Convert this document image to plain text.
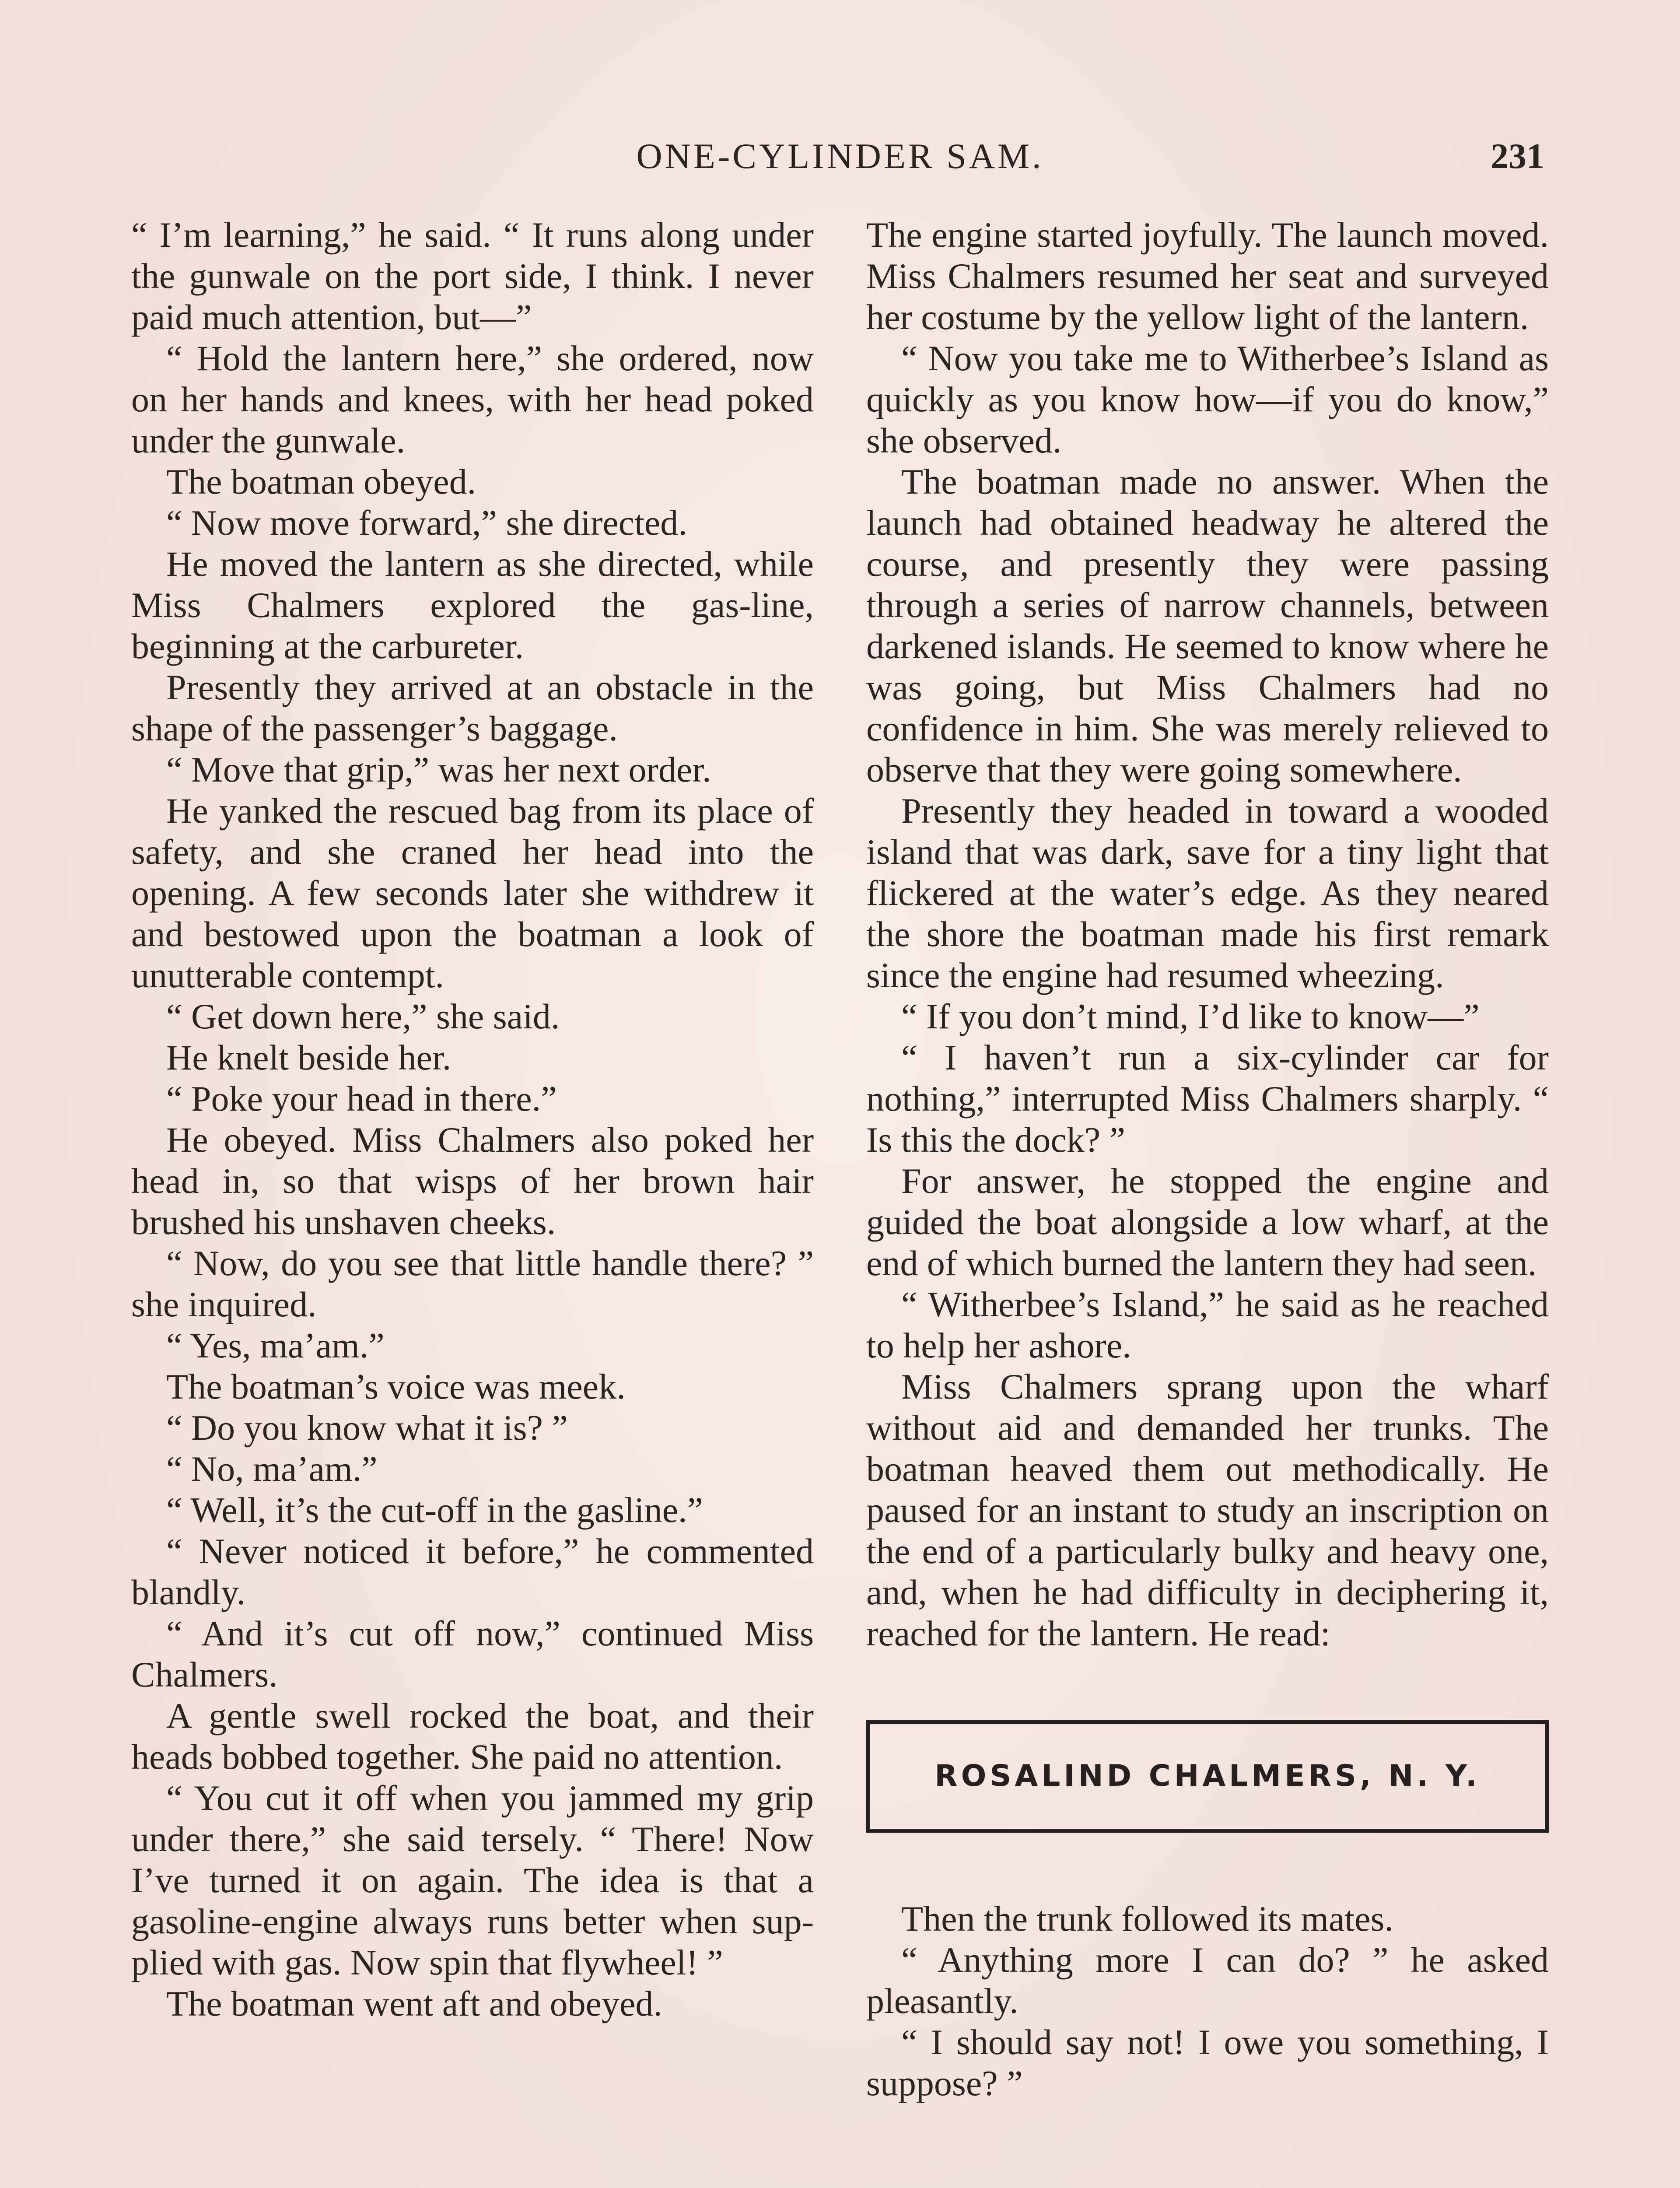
ONE-CYLINDER SAM.	231

“ I’m learning,” he said. “ It runs along under the gunwale on the port side, I think. I never paid much attention, but—”

“ Hold the lantern here,” she ordered, now on her hands and knees, with her head poked under the gunwale.

The boatman obeyed.

“ Now move forward,” she directed.

He moved the lantern as she directed, while Miss Chalmers explored the gas-line, beginning at the carbureter.

Presently they arrived at an obstacle in the shape of the passenger’s baggage.

“ Move that grip,” was her next order.

He yanked the rescued bag from its place of safety, and she craned her head into the opening. A few seconds later she withdrew it and bestowed upon the boatman a look of unutterable contempt.

“ Get down here,” she said.

He knelt beside her.

“ Poke your head in there.”

He obeyed. Miss Chalmers also poked her head in, so that wisps of her brown hair brushed his unshaven cheeks.

“ Now, do you see that little handle there? ” she inquired.

“ Yes, ma’am.”

The boatman’s voice was meek.

“ Do you know what it is? ”

“ No, ma’am.”

“ Well, it’s the cut-off in the gasline.”

“ Never noticed it before,” he commented blandly.

“ And it’s cut off now,” continued Miss Chalmers.

A gentle swell rocked the boat, and their heads bobbed together. She paid no attention.

“ You cut it off when you jammed my grip under there,” she said tersely. “ There! Now I’ve turned it on again. The idea is that a gasoline-engine always runs better when supplied with gas. Now spin that flywheel! ”

The boatman went aft and obeyed.

The engine started joyfully. The launch moved. Miss Chalmers resumed her seat and surveyed her costume by the yellow light of the lantern.

“ Now you take me to Witherbee’s Island as quickly as you know how—if you do know,” she observed.

The boatman made no answer. When the launch had obtained headway he altered the course, and presently they were passing through a series of narrow channels, between darkened islands. He seemed to know where he was going, but Miss Chalmers had no confidence in him. She was merely relieved to observe that they were going somewhere.

Presently they headed in toward a wooded island that was dark, save for a tiny light that flickered at the water’s edge. As they neared the shore the boatman made his first remark since the engine had resumed wheezing.

“ If you don’t mind, I’d like to know—”

“ I haven’t run a six-cylinder car for nothing,” interrupted Miss Chalmers sharply. “ Is this the dock? ”

For answer, he stopped the engine and guided the boat alongside a low wharf, at the end of which burned the lantern they had seen.

“ Witherbee’s Island,” he said as he reached to help her ashore.

Miss Chalmers sprang upon the wharf without aid and demanded her trunks. The boatman heaved them out methodically. He paused for an instant to study an inscription on the end of a particularly bulky and heavy one, and, when he had difficulty in deciphering it, reached for the lantern. He read:

ROSALIND CHALMERS, N. Y.

Then the trunk followed its mates.

“ Anything more I can do? ” he asked pleasantly.

“ I should say not! I owe you something, I suppose? ”
